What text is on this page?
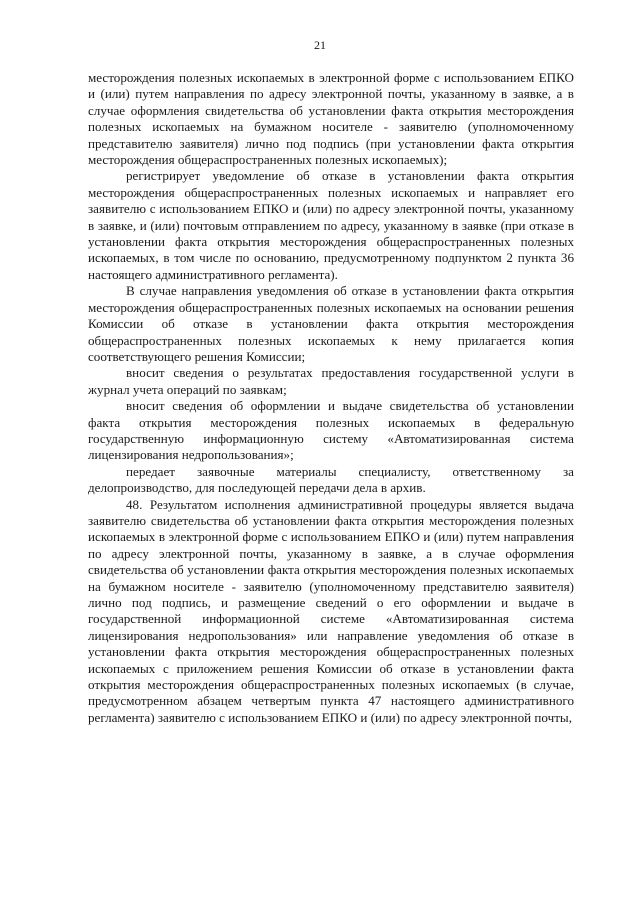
21

месторождения полезных ископаемых в электронной форме с использованием ЕПКО и (или) путем направления по адресу электронной почты, указанному в заявке, а в случае оформления свидетельства об установлении факта открытия месторождения полезных ископаемых на бумажном носителе - заявителю (уполномоченному представителю заявителя) лично под подпись (при установлении факта открытия месторождения общераспространенных полезных ископаемых);

регистрирует уведомление об отказе в установлении факта открытия месторождения общераспространенных полезных ископаемых и направляет его заявителю с использованием ЕПКО и (или) по адресу электронной почты, указанному в заявке, и (или) почтовым отправлением по адресу, указанному в заявке (при отказе в установлении факта открытия месторождения общераспространенных полезных ископаемых, в том числе по основанию, предусмотренному подпунктом 2 пункта 36 настоящего административного регламента).

В случае направления уведомления об отказе в установлении факта открытия месторождения общераспространенных полезных ископаемых на основании решения Комиссии об отказе в установлении факта открытия месторождения общераспространенных полезных ископаемых к нему прилагается копия соответствующего решения Комиссии;

вносит сведения о результатах предоставления государственной услуги в журнал учета операций по заявкам;

вносит сведения об оформлении и выдаче свидетельства об установлении факта открытия месторождения полезных ископаемых в федеральную государственную информационную систему «Автоматизированная система лицензирования недропользования»;

передает заявочные материалы специалисту, ответственному за делопроизводство, для последующей передачи дела в архив.

48. Результатом исполнения административной процедуры является выдача заявителю свидетельства об установлении факта открытия месторождения полезных ископаемых в электронной форме с использованием ЕПКО и (или) путем направления по адресу электронной почты, указанному в заявке, а в случае оформления свидетельства об установлении факта открытия месторождения полезных ископаемых на бумажном носителе - заявителю (уполномоченному представителю заявителя) лично под подпись, и размещение сведений о его оформлении и выдаче в государственной информационной системе «Автоматизированная система лицензирования недропользования» или направление уведомления об отказе в установлении факта открытия месторождения общераспространенных полезных ископаемых с приложением решения Комиссии об отказе в установлении факта открытия месторождения общераспространенных полезных ископаемых (в случае, предусмотренном абзацем четвертым пункта 47 настоящего административного регламента) заявителю с использованием ЕПКО и (или) по адресу электронной почты,
